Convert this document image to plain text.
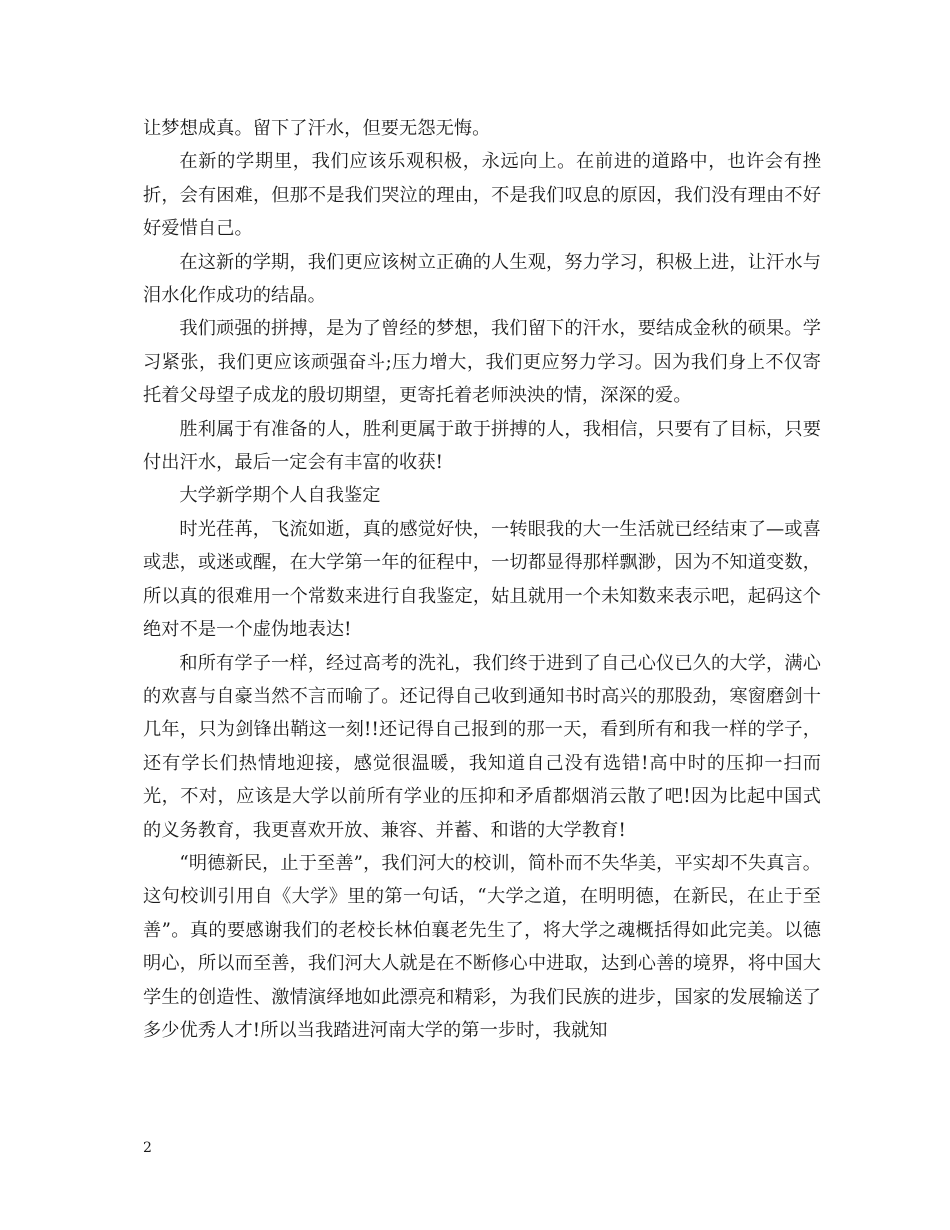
让梦想成真。留下了汗水，但要无怨无悔。

在新的学期里，我们应该乐观积极，永远向上。在前进的道路中，也许会有挫折，会有困难，但那不是我们哭泣的理由，不是我们叹息的原因，我们没有理由不好好爱惜自己。

在这新的学期，我们更应该树立正确的人生观，努力学习，积极上进，让汗水与泪水化作成功的结晶。

我们顽强的拼搏，是为了曾经的梦想，我们留下的汗水，要结成金秋的硕果。学习紧张，我们更应该顽强奋斗;压力增大，我们更应努力学习。因为我们身上不仅寄托着父母望子成龙的殷切期望，更寄托着老师泱泱的情，深深的爱。

胜利属于有准备的人，胜利更属于敢于拼搏的人，我相信，只要有了目标，只要付出汗水，最后一定会有丰富的收获!

大学新学期个人自我鉴定

时光荏苒，飞流如逝，真的感觉好快，一转眼我的大一生活就已经结束了—或喜或悲，或迷或醒，在大学第一年的征程中，一切都显得那样飘渺，因为不知道变数，所以真的很难用一个常数来进行自我鉴定，姑且就用一个未知数来表示吧，起码这个绝对不是一个虚伪地表达!

和所有学子一样，经过高考的洗礼，我们终于进到了自己心仪已久的大学，满心的欢喜与自豪当然不言而喻了。还记得自己收到通知书时高兴的那股劲，寒窗磨剑十几年，只为剑锋出鞘这一刻!!还记得自己报到的那一天，看到所有和我一样的学子，还有学长们热情地迎接，感觉很温暖，我知道自己没有选错!高中时的压抑一扫而光，不对，应该是大学以前所有学业的压抑和矛盾都烟消云散了吧!因为比起中国式的义务教育，我更喜欢开放、兼容、并蓄、和谐的大学教育!

“明德新民，止于至善”，我们河大的校训，简朴而不失华美，平实却不失真言。这句校训引用自《大学》里的第一句话，“大学之道，在明明德，在新民，在止于至善”。真的要感谢我们的老校长林伯襄老先生了，将大学之魂概括得如此完美。以德明心，所以而至善，我们河大人就是在不断修心中进取，达到心善的境界，将中国大学生的创造性、激情演绎地如此漂亮和精彩，为我们民族的进步，国家的发展输送了多少优秀人才!所以当我踏进河南大学的第一步时，我就知

2
